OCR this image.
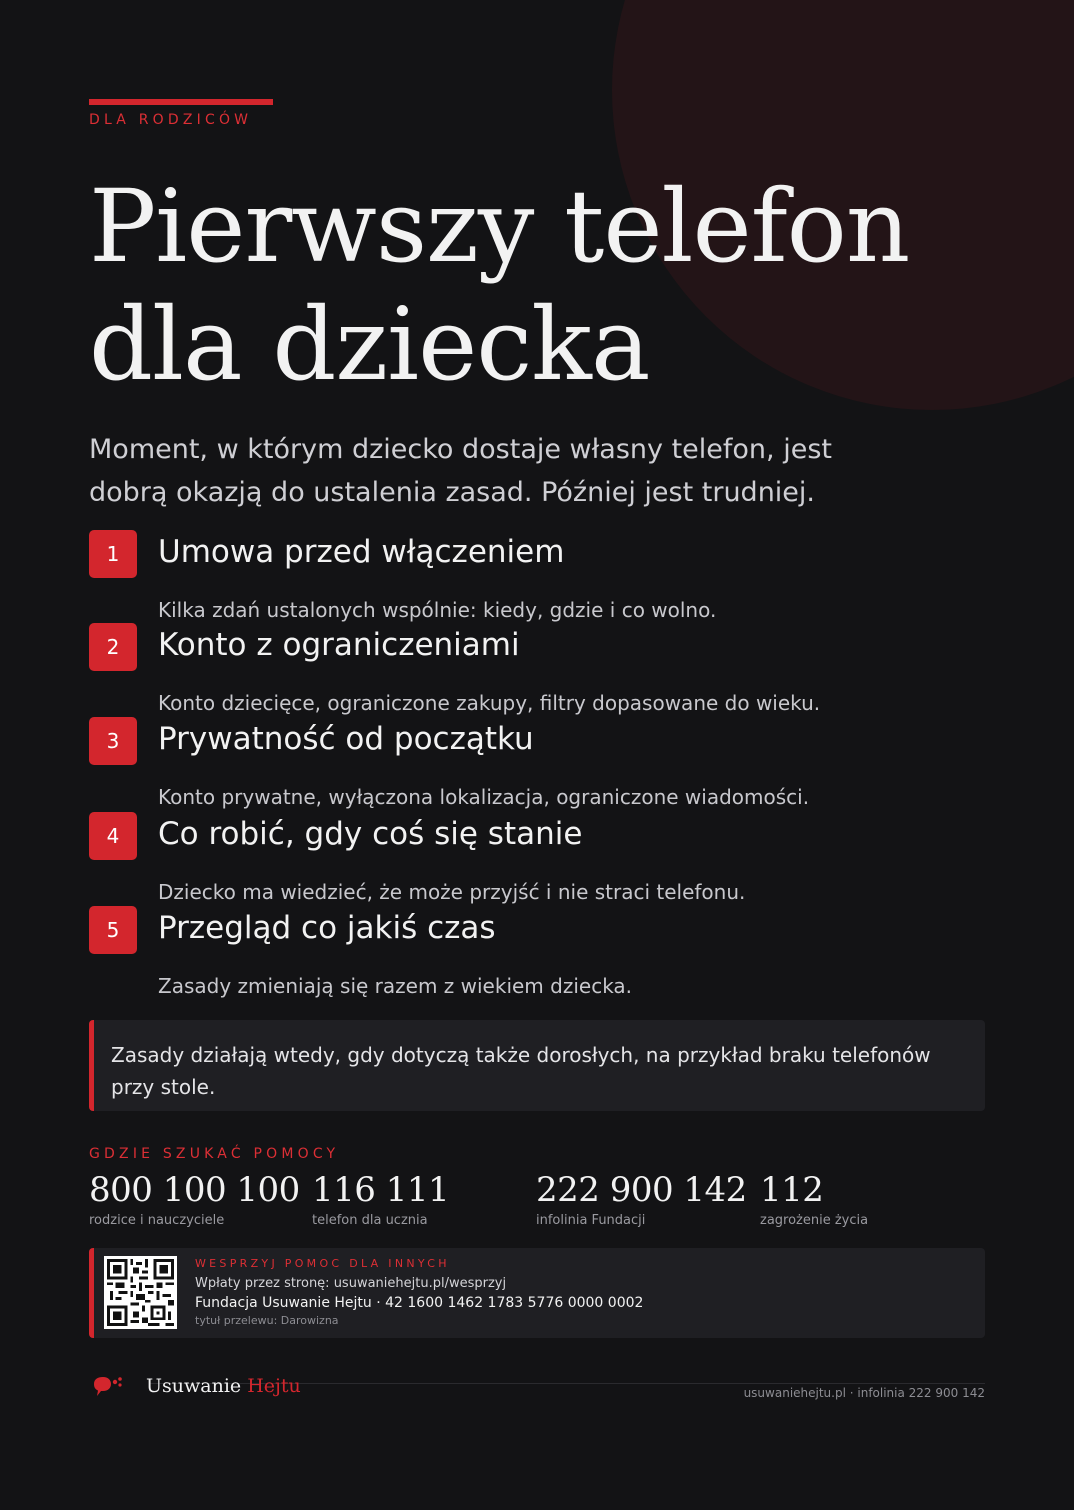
DLA RODZICÓW
Pierwszy telefon
dla dziecka

Moment, w którym dziecko dostaje własny telefon, jest dobrą okazją do ustalenia zasad. Później jest trudniej.

1	Umowa przed włączeniem
Kilka zdań ustalonych wspólnie: kiedy, gdzie i co wolno.
2	Konto z ograniczeniami
Konto dziecięce, ograniczone zakupy, filtry dopasowane do wieku.
3	Prywatność od początku
Konto prywatne, wyłączona lokalizacja, ograniczone wiadomości.
4	Co robić, gdy coś się stanie
Dziecko ma wiedzieć, że może przyjść i nie straci telefonu.
5	Przegląd co jakiś czas
Zasady zmieniają się razem z wiekiem dziecka.
Zasady działają wtedy, gdy dotyczą także dorosłych, na przykład braku telefonów przy stole.
GDZIE SZUKAĆ POMOCY
800 100 100
rodzice i nauczyciele
116 111
telefon dla ucznia
222 900 142
infolinia Fundacji
112
zagrożenie życia
WESPRZYJ POMOC DLA INNYCH
Wpłaty przez stronę: usuwaniehejtu.pl/wesprzyj
Fundacja Usuwanie Hejtu · 42 1600 1462 1783 5776 0000 0002
tytuł przelewu: Darowizna
Usuwanie Hejtu	usuwaniehejtu.pl · infolinia 222 900 142
